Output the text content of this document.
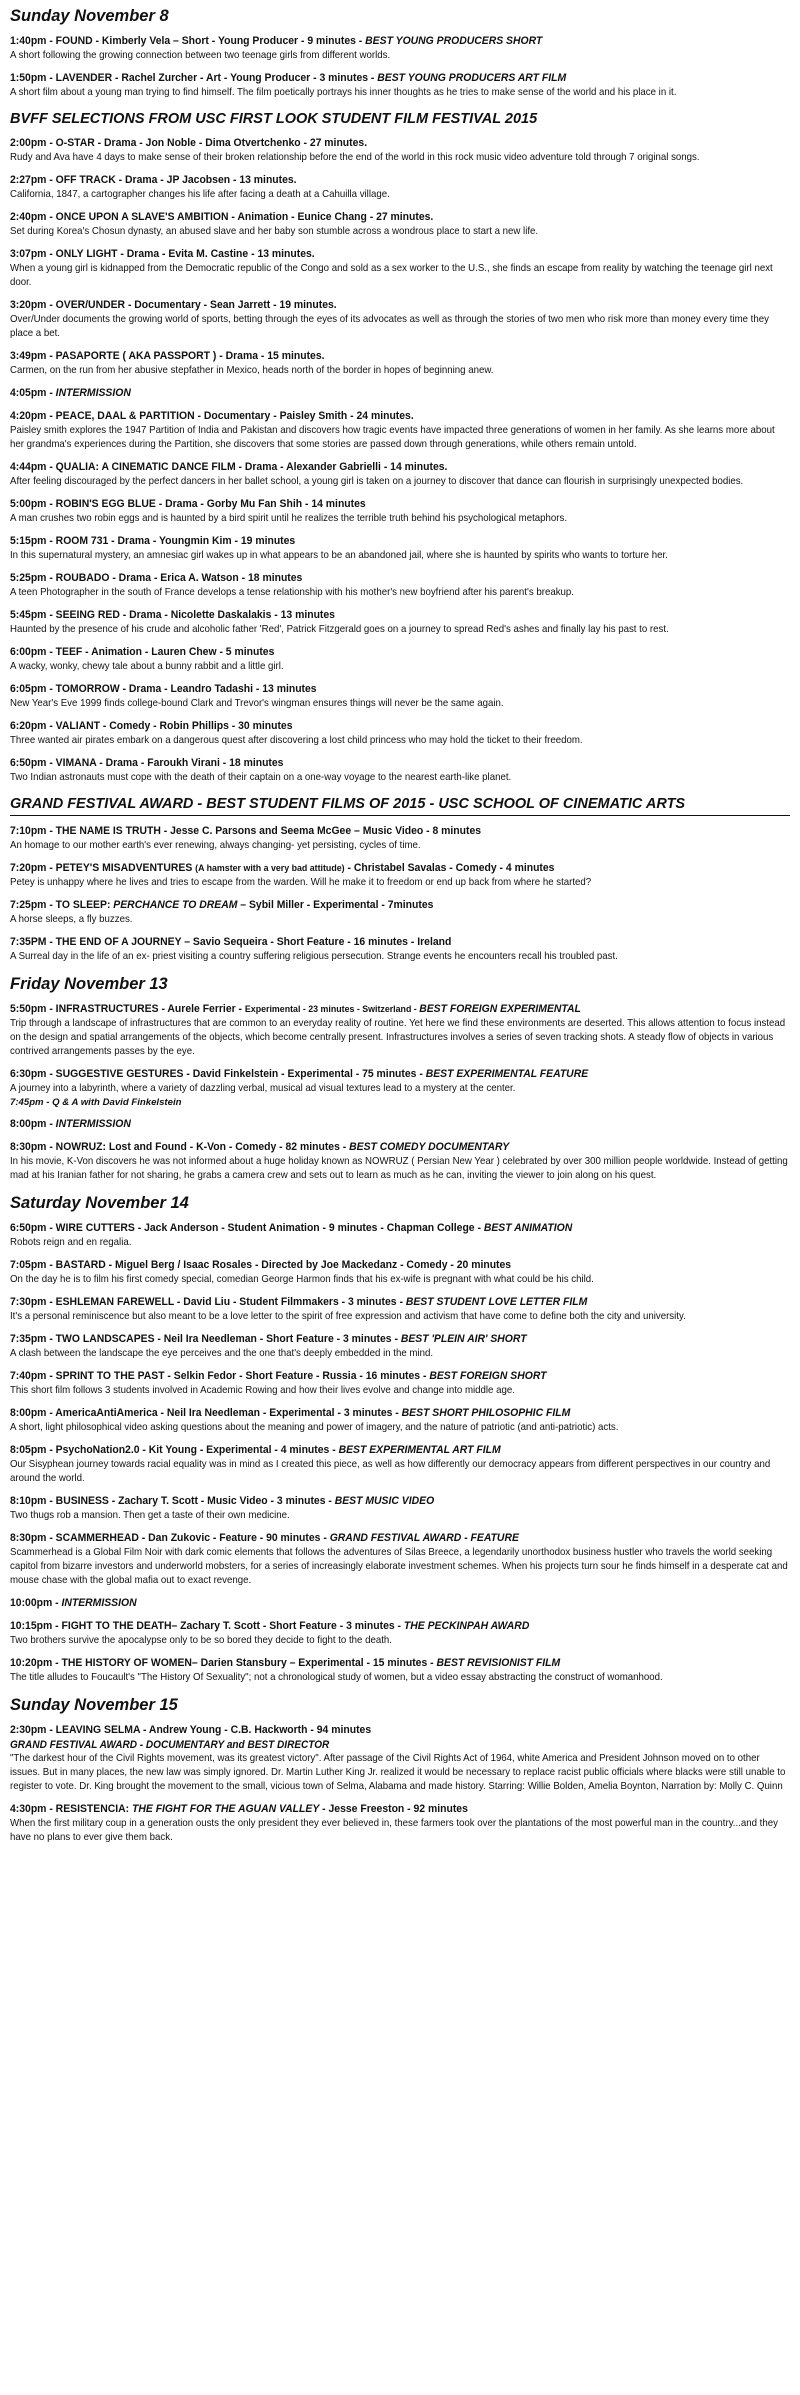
Sunday November 8
1:40pm - FOUND - Kimberly Vela – Short - Young Producer - 9 minutes - BEST YOUNG PRODUCERS SHORT
A short following the growing connection between two teenage girls from different worlds.
1:50pm - LAVENDER - Rachel Zurcher - Art - Young Producer - 3 minutes - BEST YOUNG PRODUCERS ART FILM
A short film about a young man trying to find himself. The film poetically portrays his inner thoughts as he tries to make sense of the world and his place in it.
BVFF SELECTIONS FROM USC FIRST LOOK STUDENT FILM FESTIVAL 2015
2:00pm - O-STAR - Drama - Jon Noble - Dima Otvertchenko - 27 minutes.
Rudy and Ava have 4 days to make sense of their broken relationship before the end of the world in this rock music video adventure told through 7 original songs.
2:27pm - OFF TRACK - Drama - JP Jacobsen - 13 minutes.
California, 1847, a cartographer changes his life after facing a death at a Cahuilla village.
2:40pm - ONCE UPON A SLAVE'S AMBITION - Animation - Eunice Chang - 27 minutes.
Set during Korea's Chosun dynasty, an abused slave and her baby son stumble across a wondrous place to start a new life.
3:07pm - ONLY LIGHT - Drama - Evita M. Castine - 13 minutes.
When a young girl is kidnapped from the Democratic republic of the Congo and sold as a sex worker to the U.S., she finds an escape from reality by watching the teenage girl next door.
3:20pm - OVER/UNDER - Documentary - Sean Jarrett - 19 minutes.
Over/Under documents the growing world of sports, betting through the eyes of its advocates as well as through the stories of two men who risk more than money every time they place a bet.
3:49pm - PASAPORTE ( AKA PASSPORT ) - Drama - 15 minutes.
Carmen, on the run from her abusive stepfather in Mexico, heads north of the border in hopes of beginning anew.
4:05pm - INTERMISSION
4:20pm - PEACE, DAAL & PARTITION - Documentary - Paisley Smith - 24 minutes.
Paisley smith explores the 1947 Partition of India and Pakistan and discovers how tragic events have impacted three generations of women in her family. As she learns more about her grandma's experiences during the Partition, she discovers that some stories are passed down through generations, while others remain untold.
4:44pm - QUALIA: A CINEMATIC DANCE FILM - Drama - Alexander Gabrielli - 14 minutes.
After feeling discouraged by the perfect dancers in her ballet school, a young girl is taken on a journey to discover that dance can flourish in surprisingly unexpected bodies.
5:00pm - ROBIN'S EGG BLUE - Drama - Gorby Mu Fan Shih - 14 minutes
A man crushes two robin eggs and is haunted by a bird spirit until he realizes the terrible truth behind his psychological metaphors.
5:15pm - ROOM 731 - Drama - Youngmin Kim - 19 minutes
In this supernatural mystery, an amnesiac girl wakes up in what appears to be an abandoned jail, where she is haunted by spirits who wants to torture her.
5:25pm - ROUBADO - Drama - Erica A. Watson - 18 minutes
A teen Photographer in the south of France develops a tense relationship with his mother's new boyfriend after his parent's breakup.
5:45pm - SEEING RED - Drama - Nicolette Daskalakis - 13 minutes
Haunted by the presence of his crude and alcoholic father 'Red', Patrick Fitzgerald goes on a journey to spread Red's ashes and finally lay his past to rest.
6:00pm - TEEF - Animation - Lauren Chew - 5 minutes
A wacky, wonky, chewy tale about a bunny rabbit and a little girl.
6:05pm - TOMORROW - Drama - Leandro Tadashi - 13 minutes
New Year's Eve 1999 finds college-bound Clark and Trevor's wingman ensures things will never be the same again.
6:20pm - VALIANT - Comedy - Robin Phillips - 30 minutes
Three wanted air pirates embark on a dangerous quest after discovering a lost child princess who may hold the ticket to their freedom.
6:50pm - VIMANA - Drama - Faroukh Virani - 18 minutes
Two Indian astronauts must cope with the death of their captain on a one-way voyage to the nearest earth-like planet.
GRAND FESTIVAL AWARD - BEST STUDENT FILMS OF 2015 - USC SCHOOL OF CINEMATIC ARTS
7:10pm - THE NAME IS TRUTH - Jesse C. Parsons and Seema McGee – Music Video - 8 minutes
An homage to our mother earth's ever renewing, always changing- yet persisting, cycles of time.
7:20pm - PETEY'S MISADVENTURES (A hamster with a very bad attitude) - Christabel Savalas - Comedy - 4 minutes
Petey is unhappy where he lives and tries to escape from the warden. Will he make it to freedom or end up back from where he started?
7:25pm - TO SLEEP: PERCHANCE TO DREAM – Sybil Miller - Experimental - 7minutes
A horse sleeps, a fly buzzes.
7:35PM - THE END OF A JOURNEY – Savio Sequeira - Short Feature - 16 minutes - Ireland
A Surreal day in the life of an ex- priest visiting a country suffering religious persecution. Strange events he encounters recall his troubled past.
Friday November 13
5:50pm - INFRASTRUCTURES - Aurele Ferrier - Experimental - 23 minutes - Switzerland - BEST FOREIGN EXPERIMENTAL
Trip through a landscape of infrastructures that are common to an everyday reality of routine. Yet here we find these environments are deserted. This allows attention to focus instead on the design and spatial arrangements of the objects, which become centrally present. Infrastructures involves a series of seven tracking shots. A steady flow of objects in various contrived arrangements passes by the eye.
6:30pm - SUGGESTIVE GESTURES - David Finkelstein - Experimental - 75 minutes - BEST EXPERIMENTAL FEATURE
A journey into a labyrinth, where a variety of dazzling verbal, musical ad visual textures lead to a mystery at the center.
7:45pm - Q & A with David Finkelstein
8:00pm - INTERMISSION
8:30pm - NOWRUZ: Lost and Found - K-Von - Comedy - 82 minutes - BEST COMEDY DOCUMENTARY
In his movie, K-Von discovers he was not informed about a huge holiday known as NOWRUZ ( Persian New Year ) celebrated by over 300 million people worldwide. Instead of getting mad at his Iranian father for not sharing, he grabs a camera crew and sets out to learn as much as he can, inviting the viewer to join along on his quest.
Saturday November 14
6:50pm - WIRE CUTTERS - Jack Anderson - Student Animation - 9 minutes - Chapman College - BEST ANIMATION
Robots reign and en regalia.
7:05pm - BASTARD - Miguel Berg / Isaac Rosales - Directed by Joe Mackedanz - Comedy - 20 minutes
On the day he is to film his first comedy special, comedian George Harmon finds that his ex-wife is pregnant with what could be his child.
7:30pm - ESHLEMAN FAREWELL - David Liu - Student Filmmakers - 3 minutes - BEST STUDENT LOVE LETTER FILM
It's a personal reminiscence but also meant to be a love letter to the spirit of free expression and activism that have come to define both the city and university.
7:35pm - TWO LANDSCAPES - Neil Ira Needleman - Short Feature - 3 minutes - BEST 'PLEIN AIR' SHORT
A clash between the landscape the eye perceives and the one that's deeply embedded in the mind.
7:40pm - SPRINT TO THE PAST - Selkin Fedor - Short Feature - Russia - 16 minutes - BEST FOREIGN SHORT
This short film follows 3 students involved in Academic Rowing and how their lives evolve and change into middle age.
8:00pm - AmericaAntiAmerica - Neil Ira Needleman - Experimental - 3 minutes - BEST SHORT PHILOSOPHIC FILM
A short, light philosophical video asking questions about the meaning and power of imagery, and the nature of patriotic (and anti-patriotic) acts.
8:05pm - PsychoNation2.0 - Kit Young - Experimental - 4 minutes - BEST EXPERIMENTAL ART FILM
Our Sisyphean journey towards racial equality was in mind as I created this piece, as well as how differently our democracy appears from different perspectives in our country and around the world.
8:10pm - BUSINESS - Zachary T. Scott - Music Video - 3 minutes - BEST MUSIC VIDEO
Two thugs rob a mansion. Then get a taste of their own medicine.
8:30pm - SCAMMERHEAD - Dan Zukovic - Feature - 90 minutes - GRAND FESTIVAL AWARD - FEATURE
Scammerhead is a Global Film Noir with dark comic elements that follows the adventures of Silas Breece, a legendarily unorthodox business hustler who travels the world seeking capitol from bizarre investors and underworld mobsters, for a series of increasingly elaborate investment schemes. When his projects turn sour he finds himself in a desperate cat and mouse chase with the global mafia out to exact revenge.
10:00pm - INTERMISSION
10:15pm - FIGHT TO THE DEATH– Zachary T. Scott - Short Feature - 3 minutes - THE PECKINPAH AWARD
Two brothers survive the apocalypse only to be so bored they decide to fight to the death.
10:20pm - THE HISTORY OF WOMEN– Darien Stansbury – Experimental - 15 minutes - BEST REVISIONIST FILM
The title alludes to Foucault's "The History Of Sexuality"; not a chronological study of women, but a video essay abstracting the construct of womanhood.
Sunday November 15
2:30pm - LEAVING SELMA - Andrew Young - C.B. Hackworth - 94 minutes
GRAND FESTIVAL AWARD - DOCUMENTARY and BEST DIRECTOR
"The darkest hour of the Civil Rights movement, was its greatest victory". After passage of the Civil Rights Act of 1964, white America and President Johnson moved on to other issues. But in many places, the new law was simply ignored. Dr. Martin Luther King Jr. realized it would be necessary to replace racist public officials where blacks were still unable to register to vote. Dr. King brought the movement to the small, vicious town of Selma, Alabama and made history. Starring: Willie Bolden, Amelia Boynton, Narration by: Molly C. Quinn
4:30pm - RESISTENCIA: THE FIGHT FOR THE AGUAN VALLEY - Jesse Freeston - 92 minutes
When the first military coup in a generation ousts the only president they ever believed in, these farmers took over the plantations of the most powerful man in the country...and they have no plans to ever give them back.
